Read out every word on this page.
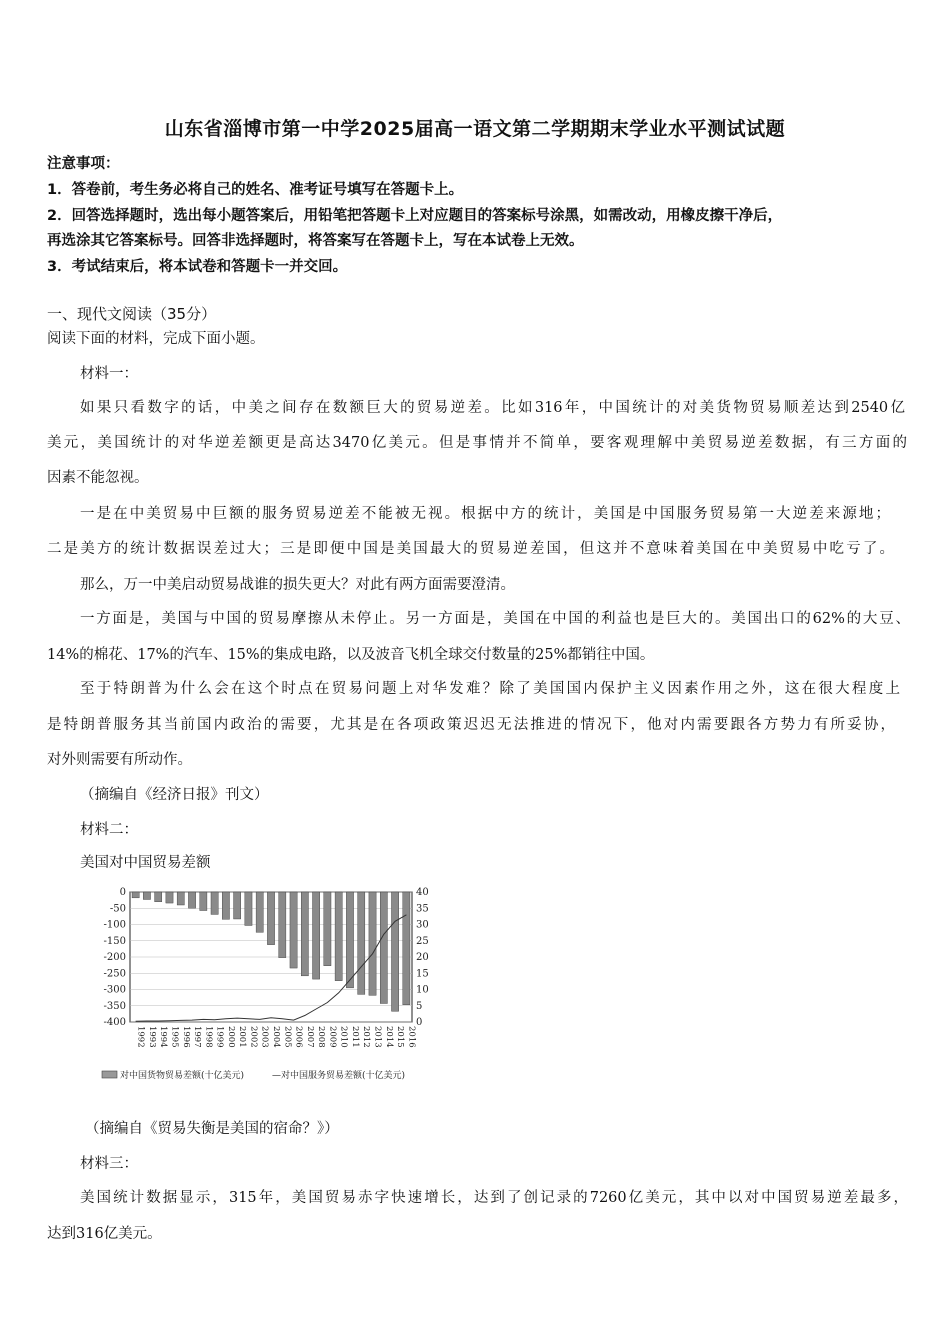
山东省淄博市第一中学2025届高一语文第二学期期末学业水平测试试题
注意事项：
1．答卷前，考生务必将自己的姓名、准考证号填写在答题卡上。
2．回答选择题时，选出每小题答案后，用铅笔把答题卡上对应题目的答案标号涂黑，如需改动，用橡皮擦干净后，
再选涂其它答案标号。回答非选择题时，将答案写在答题卡上，写在本试卷上无效。
3．考试结束后，将本试卷和答题卡一并交回。
一、现代文阅读（35分）
阅读下面的材料，完成下面小题。
材料一：
如果只看数字的话，中美之间存在数额巨大的贸易逆差。比如316年，中国统计的对美货物贸易顺差达到2540亿
美元，美国统计的对华逆差额更是高达3470亿美元。但是事情并不简单，要客观理解中美贸易逆差数据，有三方面的
因素不能忽视。
一是在中美贸易中巨额的服务贸易逆差不能被无视。根据中方的统计，美国是中国服务贸易第一大逆差来源地；
二是美方的统计数据误差过大；三是即便中国是美国最大的贸易逆差国，但这并不意味着美国在中美贸易中吃亏了。
那么，万一中美启动贸易战谁的损失更大？对此有两方面需要澄清。
一方面是，美国与中国的贸易摩擦从未停止。另一方面是，美国在中国的利益也是巨大的。美国出口的62%的大豆、
14%的棉花、17%的汽车、15%的集成电路，以及波音飞机全球交付数量的25%都销往中国。
至于特朗普为什么会在这个时点在贸易问题上对华发难？除了美国国内保护主义因素作用之外，这在很大程度上
是特朗普服务其当前国内政治的需要，尤其是在各项政策迟迟无法推进的情况下，他对内需要跟各方势力有所妥协，
对外则需要有所动作。
（摘编自《经济日报》刊文）
材料二：
美国对中国贸易差额
0
-50
-100
-150
-200
-250
-300
-350
-400
40
35
30
25
20
15
10
5
0
1992 1993 1994 1995 1996 1997 1998 1999 2000 2001 2002 2003 2004 2005 2006 2007 2008 2009 2010 2011 2012 2013 2014 2015 2016
对中国货物贸易差额(十亿美元)	—对中国服务贸易差额(十亿美元)
（摘编自《贸易失衡是美国的宿命？》）
材料三：
美国统计数据显示，315年，美国贸易赤字快速增长，达到了创记录的7260亿美元，其中以对中国贸易逆差最多，
达到316亿美元。
